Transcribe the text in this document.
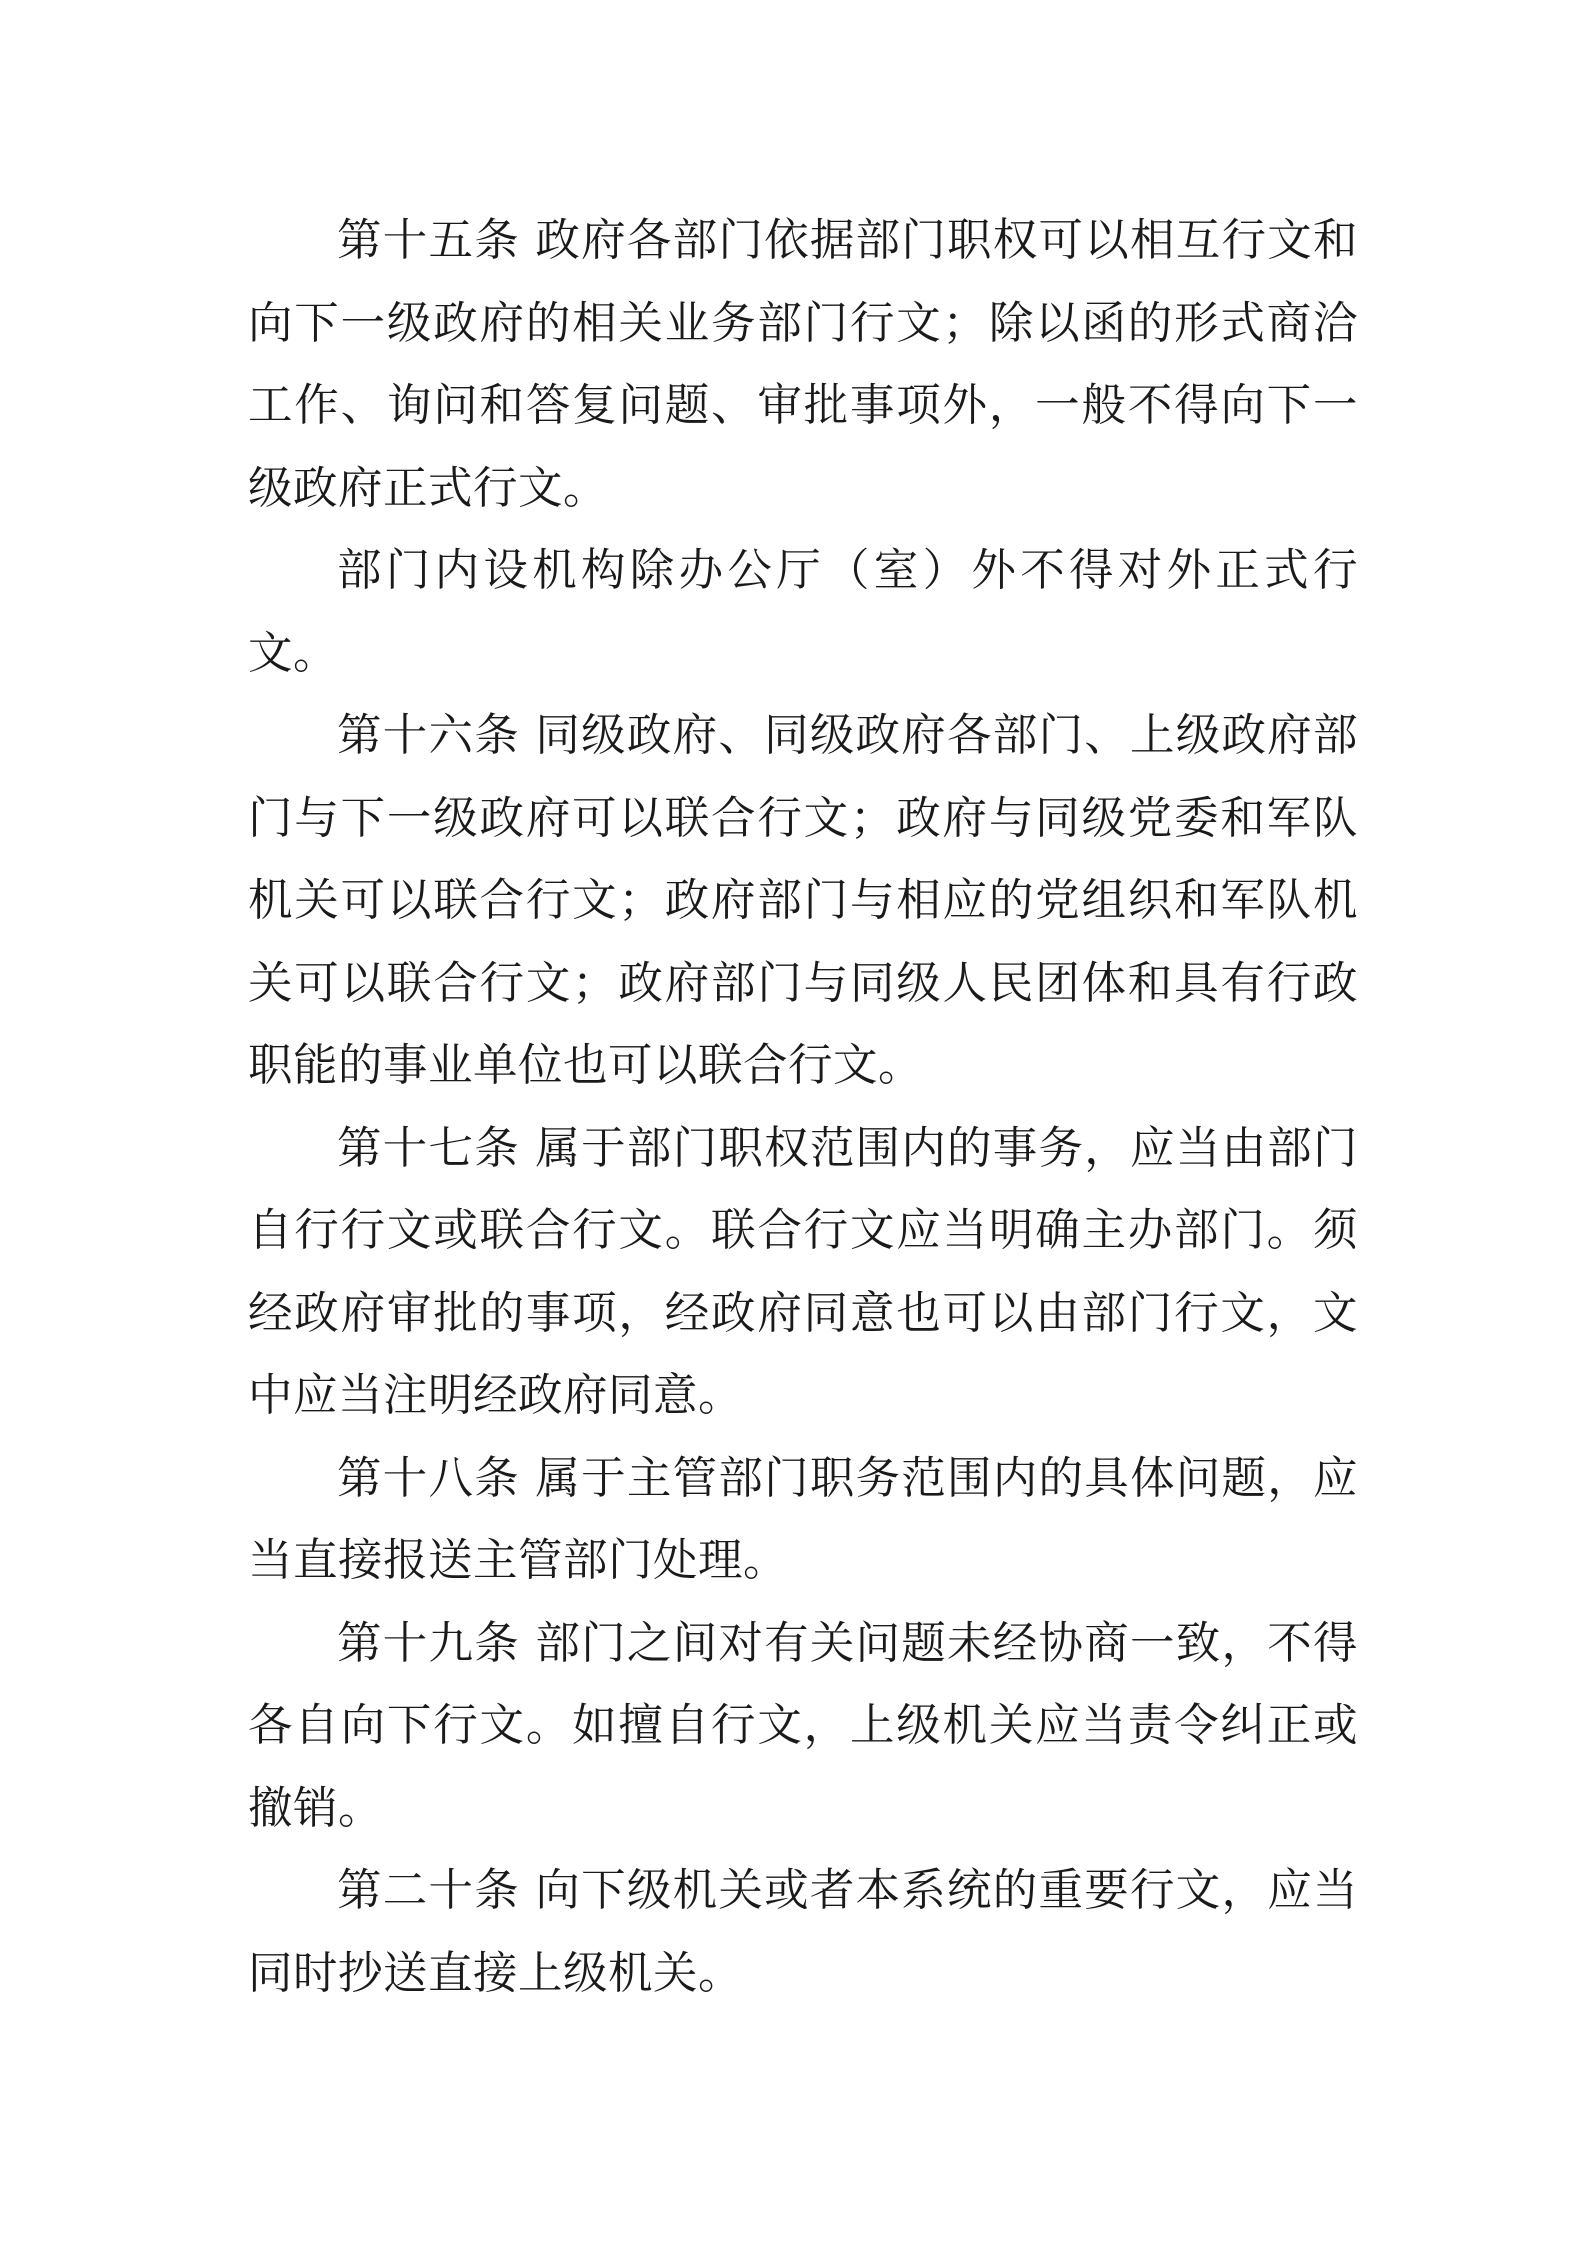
第十五条 政府各部门依据部门职权可以相互行文和向下一级政府的相关业务部门行文；除以函的形式商洽工作、询问和答复问题、审批事项外，一般不得向下一级政府正式行文。

部门内设机构除办公厅（室）外不得对外正式行文。

第十六条 同级政府、同级政府各部门、上级政府部门与下一级政府可以联合行文；政府与同级党委和军队机关可以联合行文；政府部门与相应的党组织和军队机关可以联合行文；政府部门与同级人民团体和具有行政职能的事业单位也可以联合行文。

第十七条 属于部门职权范围内的事务，应当由部门自行行文或联合行文。联合行文应当明确主办部门。须经政府审批的事项，经政府同意也可以由部门行文，文中应当注明经政府同意。

第十八条 属于主管部门职务范围内的具体问题，应当直接报送主管部门处理。

第十九条 部门之间对有关问题未经协商一致，不得各自向下行文。如擅自行文，上级机关应当责令纠正或撤销。

第二十条 向下级机关或者本系统的重要行文，应当同时抄送直接上级机关。
